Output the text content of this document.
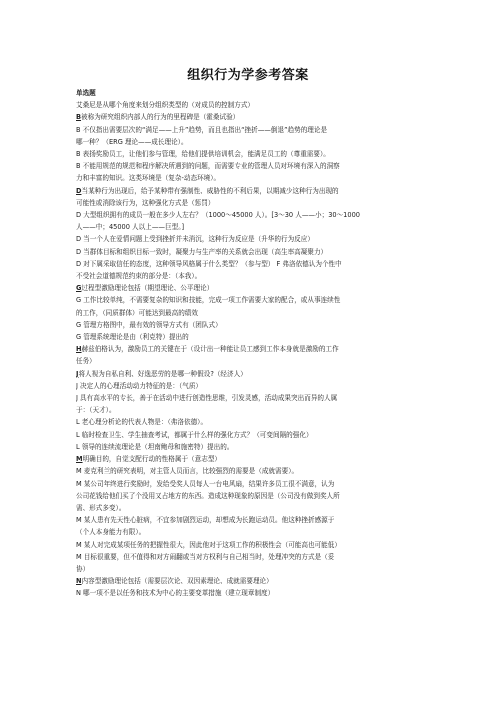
组织行为学参考答案
单选题
艾桑尼是从哪个角度来划分组织类型的（对成员的控制方式）
B被称为研究组织内部人的行为的里程碑是（霍桑试验）
B 不仅指出需要层次的“满足——上升”趋势，而且也指出“挫折——倒退”趋势的理论是
哪一种？（ERG 理论——成长理论）。
B 表扬奖励员工，让他们参与管理，给他们提供培训机会，能满足员工的（尊重需要）。
B 不能用规范的规范和程序解决所遇到的问题，而需要专业的管理人员对环境有深入的洞察
力和丰富的知识。这类环境是（复杂-动态环境）。
D当某种行为出现后，给予某种带有强制性、威胁性的不利后果，以期减少这种行为出现的
可能性或消除该行为，这种强化方式是（惩罚）
D 大型组织拥有的成员一般在多少人左右？（1000～45000 人）。[3～30 人——小；30～1000
人——中；45000 人以上——巨型。]
D 当一个人在爱情问题上受到挫折并未消沉，这种行为反应是（升华的行为反应）
D 当群体目标和组织目标一致时，凝聚力与生产率的关系就会出现（高生率高凝聚力）
D 对下属采取信任的态度，这种领导风格属于什么类型？（参与型） F 弗洛依德认为个性中
不受社会道德规范约束的部分是：（本我）。
G过程型激励理论包括（期望理论、公平理论）
G 工作比较单纯，不需要复杂的知识和技能，完成一项工作需要大家的配合，或从事连续性
的工作，（同质群体）可能达到最高的绩效
G 管理方格图中，最有效的领导方式有（团队式）
G 管理系统理论是由（利克特）提出的
H赫兹伯格认为，激励员工的关键在于（设计出一种能让员工感到工作本身就是激励的工作
任务）
J将人视为自私自利、好逸恶劳的是哪一种假设?（经济人）
J 决定人的心理活动动力特征的是：（气质）
J 具有高水平的专长，善于在活动中进行创造性思维，引发灵感，活动成果突出而异的人属
于：（天才）。
L 老心理分析论的代表人物是：（弗洛依德）。
L 临时检查卫生、学生抽查考试，都属于什么样的强化方式？（可变间隔的强化）
L 领导的连续流理论是（坦南鲍母和施密特）提出的。
M明确目的，自觉支配行动的性格属于（意志型）
M 麦克利兰的研究表明，对主管人员而言，比较强烈的需要是（成就需要）。
M 某公司年终进行奖励时，发给受奖人员每人一台电风扇，结果许多员工很不满意，认为
公司花钱给他们买了个没用又占地方的东西。造成这种现象的原因是（公司没有做到奖人所
需、形式多变）。
M 某人患有先天性心脏病，不宜参加剧烈运动，却想成为长跑运动员。他这种挫折感源于
（个人本身能力有限）。
M 某人对完成某项任务的把握性很大，因此他对于这项工作的积极性会（可能高也可能低）
M 目标很重要，但不值得和对方闹翻或当对方权利与自己相当时，处理冲突的方式是（妥
协）
N内容型激励理论包括（需要层次论、双因素理论、成就需要理论）
N 哪一项不是以任务和技术为中心的主要变革措施（建立现章制度）
